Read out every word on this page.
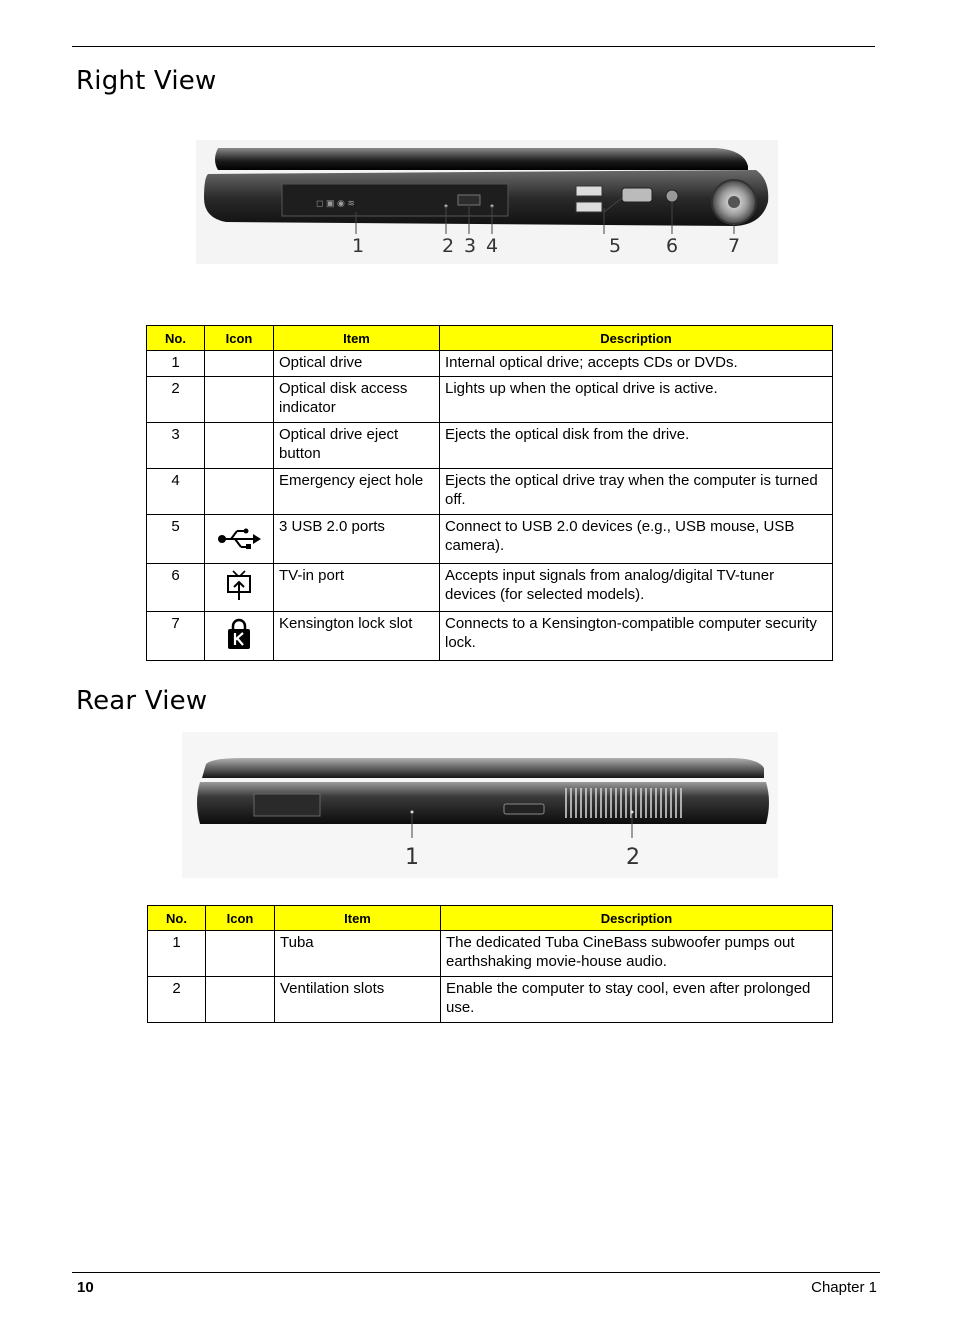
Right View
◻ ▣ ◉ ≋
1	2 3 4	5 6	7
No.	Icon	Item	Description
1		Optical drive	Internal optical drive; accepts CDs or DVDs.
2		Optical disk access indicator	Lights up when the optical drive is active.
3		Optical drive eject button	Ejects the optical disk from the drive.
4		Emergency eject hole	Ejects the optical drive tray when the computer is turned off.
5		3 USB 2.0 ports	Connect to USB 2.0 devices (e.g., USB mouse, USB camera).
6		TV-in port	Accepts input signals from analog/digital TV-tuner devices (for selected models).
7		Kensington lock slot	Connects to a Kensington-compatible computer security lock.
Rear View
1	2
No.	Icon	Item	Description
1		Tuba	The dedicated Tuba CineBass subwoofer pumps out earthshaking movie-house audio.
2		Ventilation slots	Enable the computer to stay cool, even after prolonged use.
10	Chapter 1
